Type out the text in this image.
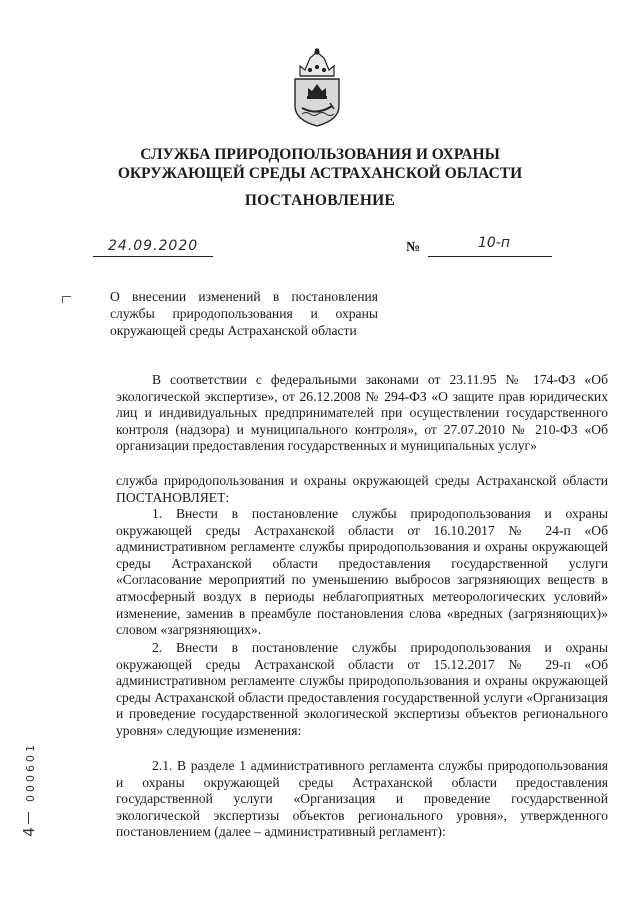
СЛУЖБА ПРИРОДОПОЛЬЗОВАНИЯ И ОХРАНЫ
ОКРУЖАЮЩЕЙ СРЕДЫ АСТРАХАНСКОЙ ОБЛАСТИ
ПОСТАНОВЛЕНИЕ
24.09.2020	№	10-п
О внесении изменений в постановления службы природопользования и охраны окружающей среды Астраханской области
В соответствии с федеральными законами от 23.11.95 № 174-ФЗ «Об экологической экспертизе», от 26.12.2008 № 294-ФЗ «О защите прав юридических лиц и индивидуальных предпринимателей при осуществлении государственного контроля (надзора) и муниципального контроля», от 27.07.2010 № 210-ФЗ «Об организации предоставления государственных и муниципальных услуг»
служба природопользования и охраны окружающей среды Астраханской области ПОСТАНОВЛЯЕТ:
1. Внести в постановление службы природопользования и охраны окружающей среды Астраханской области от 16.10.2017 № 24-п «Об административном регламенте службы природопользования и охраны окружающей среды Астраханской области предоставления государственной услуги «Согласование мероприятий по уменьшению выбросов загрязняющих веществ в атмосферный воздух в периоды неблагоприятных метеорологических условий» изменение, заменив в преамбуле постановления слова «вредных (загрязняющих)» словом «загрязняющих».
2. Внести в постановление службы природопользования и охраны окружающей среды Астраханской области от 15.12.2017 № 29-п «Об административном регламенте службы природопользования и охраны окружающей среды Астраханской области предоставления государственной услуги «Организация и проведение государственной экологической экспертизы объектов регионального уровня» следующие изменения:
2.1. В разделе 1 административного регламента службы природопользования и охраны окружающей среды Астраханской области предоставления государственной услуги «Организация и проведение государственной экологической экспертизы объектов регионального уровня», утвержденного постановлением (далее – административный регламент):
000601
4
